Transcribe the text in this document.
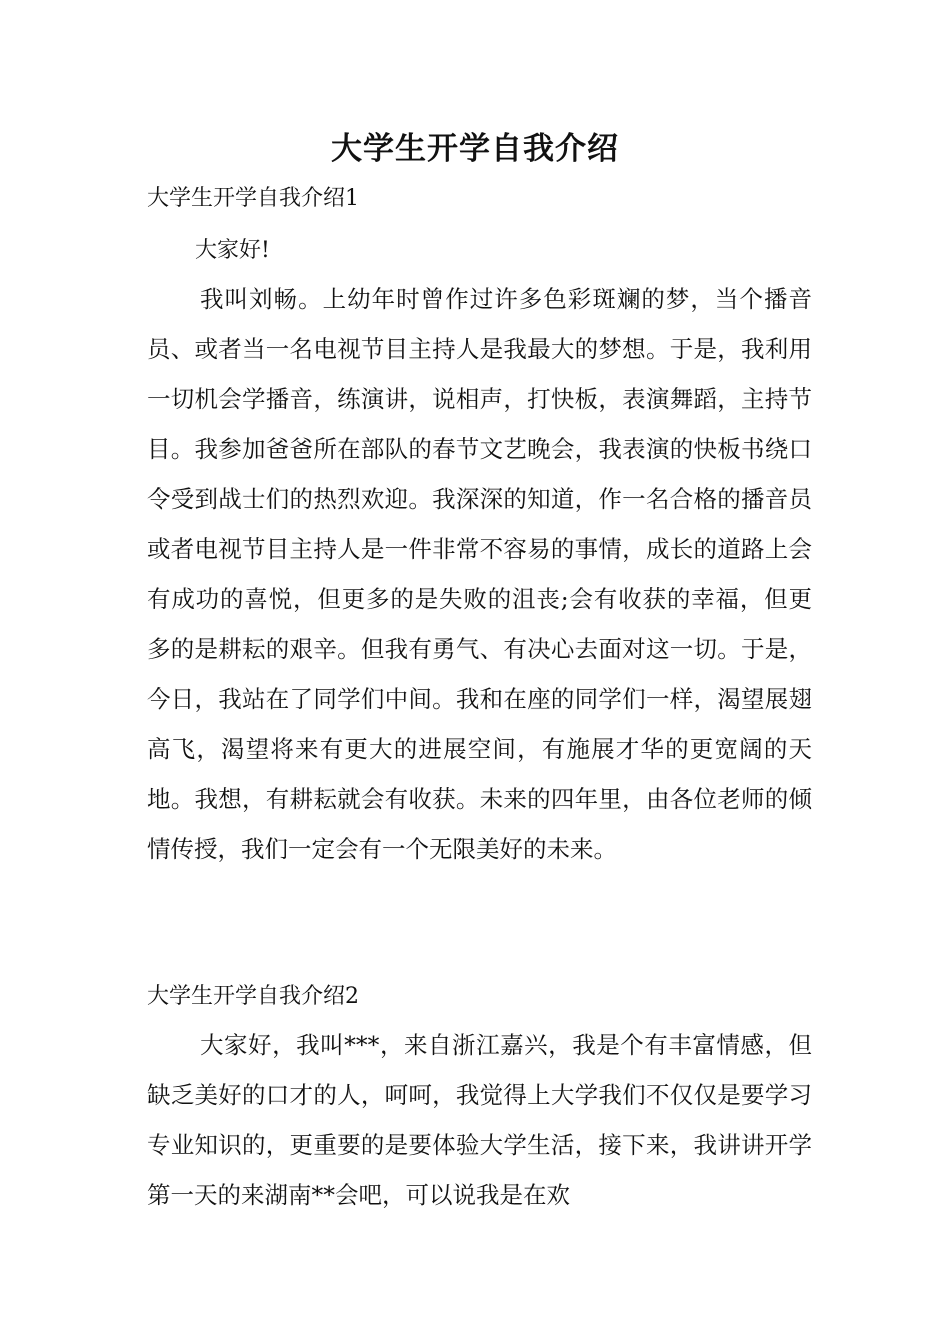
大学生开学自我介绍
大学生开学自我介绍1
大家好!

我叫刘畅。上幼年时曾作过许多色彩斑斓的梦，当个播音员、或者当一名电视节目主持人是我最大的梦想。于是，我利用一切机会学播音，练演讲，说相声，打快板，表演舞蹈，主持节目。我参加爸爸所在部队的春节文艺晚会，我表演的快板书绕口令受到战士们的热烈欢迎。我深深的知道，作一名合格的播音员或者电视节目主持人是一件非常不容易的事情，成长的道路上会有成功的喜悦，但更多的是失败的沮丧;会有收获的幸福，但更多的是耕耘的艰辛。但我有勇气、有决心去面对这一切。于是，今日，我站在了同学们中间。我和在座的同学们一样，渴望展翅高飞，渴望将来有更大的进展空间，有施展才华的更宽阔的天地。我想，有耕耘就会有收获。未来的四年里，由各位老师的倾情传授，我们一定会有一个无限美好的未来。

大学生开学自我介绍2

大家好，我叫***，来自浙江嘉兴，我是个有丰富情感，但缺乏美好的口才的人，呵呵，我觉得上大学我们不仅仅是要学习专业知识的，更重要的是要体验大学生活，接下来，我讲讲开学第一天的来湖南**会吧，可以说我是在欢
